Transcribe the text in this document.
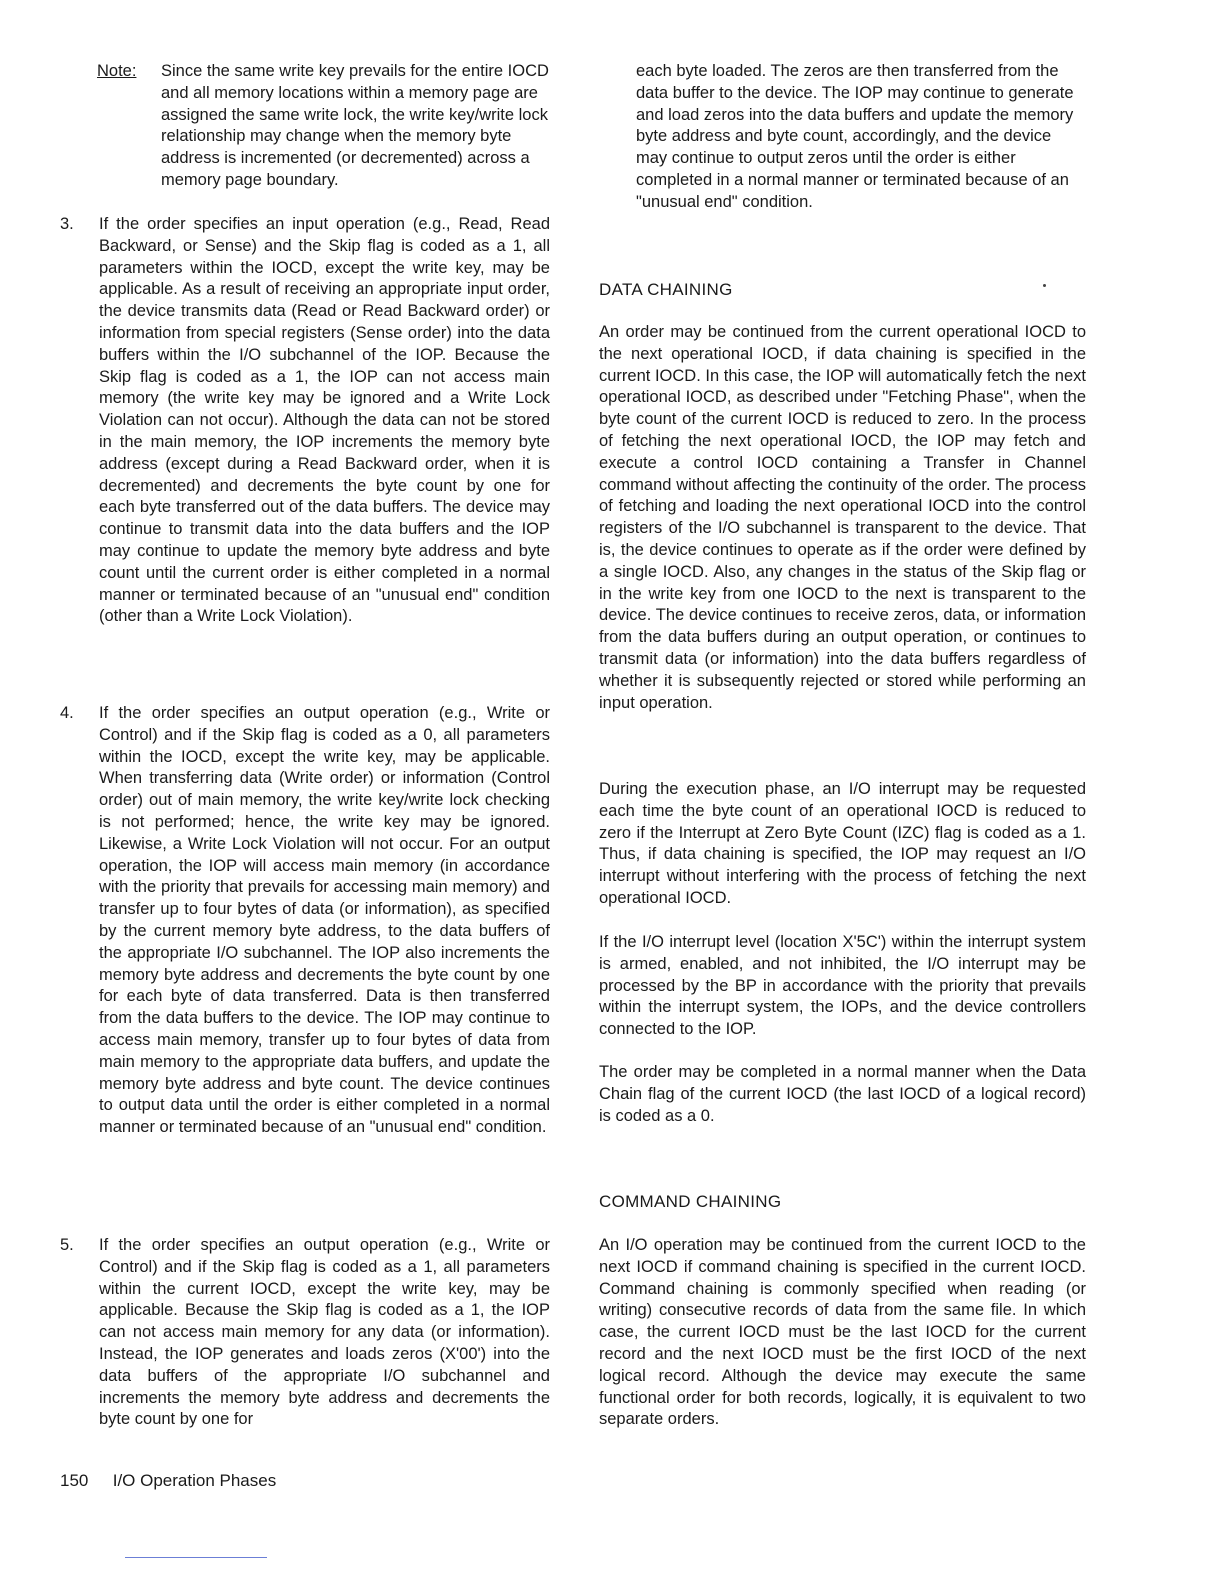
Note:	Since the same write key prevails for the entire IOCD and all memory locations within a memory page are assigned the same write lock, the write key/write lock relationship may change when the memory byte address is incremented (or decremented) across a memory page boundary.
3.	If the order specifies an input operation (e.g., Read, Read Backward, or Sense) and the Skip flag is coded as a 1, all parameters within the IOCD, except the write key, may be applicable. As a result of receiving an appropriate input order, the device transmits data (Read or Read Backward order) or information from special registers (Sense order) into the data buffers within the I/O subchannel of the IOP. Because the Skip flag is coded as a 1, the IOP can not access main memory (the write key may be ignored and a Write Lock Violation can not occur). Although the data can not be stored in the main memory, the IOP increments the memory byte address (except during a Read Backward order, when it is decremented) and decrements the byte count by one for each byte transferred out of the data buffers. The device may continue to transmit data into the data buffers and the IOP may continue to update the memory byte address and byte count until the current order is either completed in a normal manner or terminated because of an "unusual end" condition (other than a Write Lock Violation).

4.	If the order specifies an output operation (e.g., Write or Control) and if the Skip flag is coded as a 0, all parameters within the IOCD, except the write key, may be applicable. When transferring data (Write order) or information (Control order) out of main memory, the write key/write lock checking is not performed; hence, the write key may be ignored. Likewise, a Write Lock Violation will not occur. For an output operation, the IOP will access main memory (in accordance with the priority that prevails for accessing main memory) and transfer up to four bytes of data (or information), as specified by the current memory byte address, to the data buffers of the appropriate I/O subchannel. The IOP also increments the memory byte address and decrements the byte count by one for each byte of data transferred. Data is then transferred from the data buffers to the device. The IOP may continue to access main memory, transfer up to four bytes of data from main memory to the appropriate data buffers, and update the memory byte address and byte count. The device continues to output data until the order is either completed in a normal manner or terminated because of an "unusual end" condition.

5.	If the order specifies an output operation (e.g., Write or Control) and if the Skip flag is coded as a 1, all parameters within the current IOCD, except the write key, may be applicable. Because the Skip flag is coded as a 1, the IOP can not access main memory for any data (or information). Instead, the IOP generates and loads zeros (X'00') into the data buffers of the appropriate I/O subchannel and increments the memory byte address and decrements the byte count by one for

each byte loaded. The zeros are then transferred from the data buffer to the device. The IOP may continue to generate and load zeros into the data buffers and update the memory byte address and byte count, accordingly, and the device may continue to output zeros until the order is either completed in a normal manner or terminated because of an "unusual end" condition.

DATA CHAINING

An order may be continued from the current operational IOCD to the next operational IOCD, if data chaining is specified in the current IOCD. In this case, the IOP will automatically fetch the next operational IOCD, as described under "Fetching Phase", when the byte count of the current IOCD is reduced to zero. In the process of fetching the next operational IOCD, the IOP may fetch and execute a control IOCD containing a Transfer in Channel command without affecting the continuity of the order. The process of fetching and loading the next operational IOCD into the control registers of the I/O subchannel is transparent to the device. That is, the device continues to operate as if the order were defined by a single IOCD. Also, any changes in the status of the Skip flag or in the write key from one IOCD to the next is transparent to the device. The device continues to receive zeros, data, or information from the data buffers during an output operation, or continues to transmit data (or information) into the data buffers regardless of whether it is subsequently rejected or stored while performing an input operation.

During the execution phase, an I/O interrupt may be requested each time the byte count of an operational IOCD is reduced to zero if the Interrupt at Zero Byte Count (IZC) flag is coded as a 1. Thus, if data chaining is specified, the IOP may request an I/O interrupt without interfering with the process of fetching the next operational IOCD.

If the I/O interrupt level (location X'5C') within the interrupt system is armed, enabled, and not inhibited, the I/O interrupt may be processed by the BP in accordance with the priority that prevails within the interrupt system, the IOPs, and the device controllers connected to the IOP.

The order may be completed in a normal manner when the Data Chain flag of the current IOCD (the last IOCD of a logical record) is coded as a 0.

COMMAND CHAINING

An I/O operation may be continued from the current IOCD to the next IOCD if command chaining is specified in the current IOCD. Command chaining is commonly specified when reading (or writing) consecutive records of data from the same file. In which case, the current IOCD must be the last IOCD for the current record and the next IOCD must be the first IOCD of the next logical record. Although the device may execute the same functional order for both records, logically, it is equivalent to two separate orders.

150 I/O Operation Phases
